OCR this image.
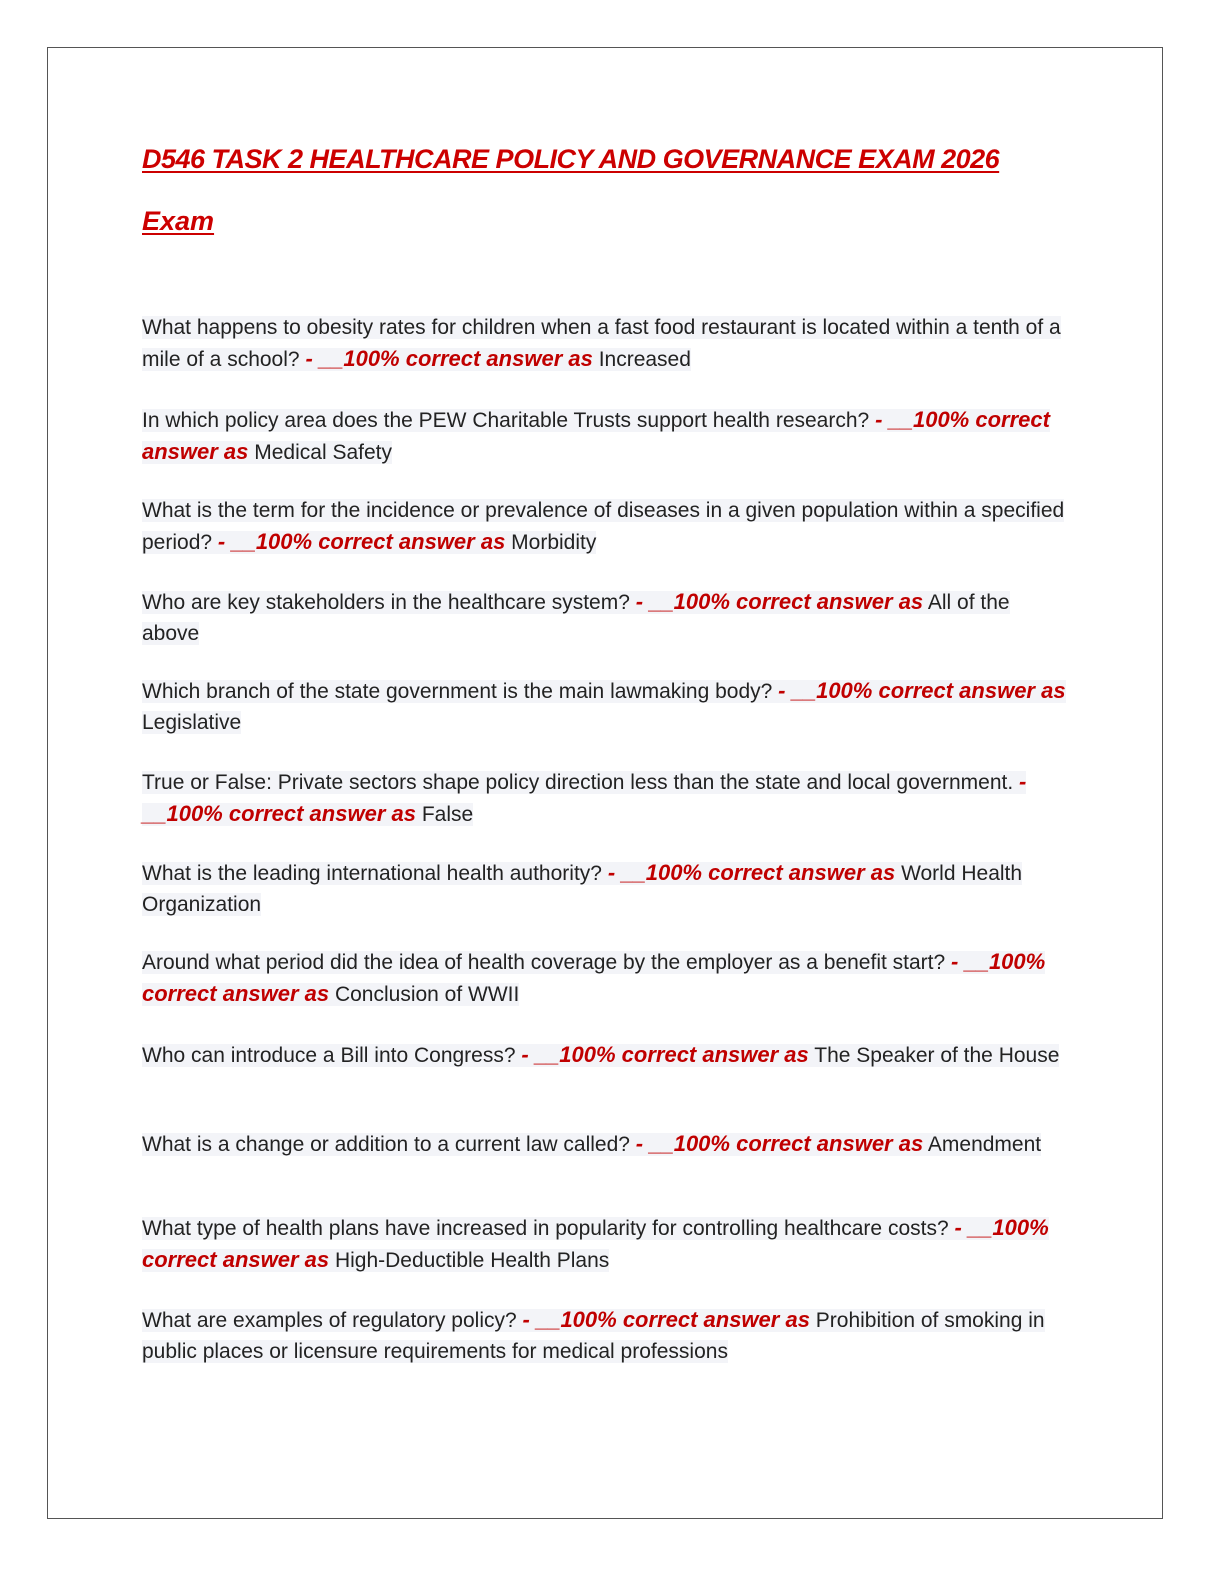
D546 TASK 2 HEALTHCARE POLICY AND GOVERNANCE EXAM 2026
Exam

What happens to obesity rates for children when a fast food restaurant is located within a tenth of a mile of a school? - __100% correct answer as Increased

In which policy area does the PEW Charitable Trusts support health research? - __100% correct answer as Medical Safety

What is the term for the incidence or prevalence of diseases in a given population within a specified period? - __100% correct answer as Morbidity

Who are key stakeholders in the healthcare system? - __100% correct answer as All of the above

Which branch of the state government is the main lawmaking body? - __100% correct answer as Legislative

True or False: Private sectors shape policy direction less than the state and local government. - __100% correct answer as False

What is the leading international health authority? - __100% correct answer as World Health Organization

Around what period did the idea of health coverage by the employer as a benefit start? - __100% correct answer as Conclusion of WWII

Who can introduce a Bill into Congress? - __100% correct answer as The Speaker of the House

What is a change or addition to a current law called? - __100% correct answer as Amendment

What type of health plans have increased in popularity for controlling healthcare costs? - __100% correct answer as High-Deductible Health Plans

What are examples of regulatory policy? - __100% correct answer as Prohibition of smoking in public places or licensure requirements for medical professions
